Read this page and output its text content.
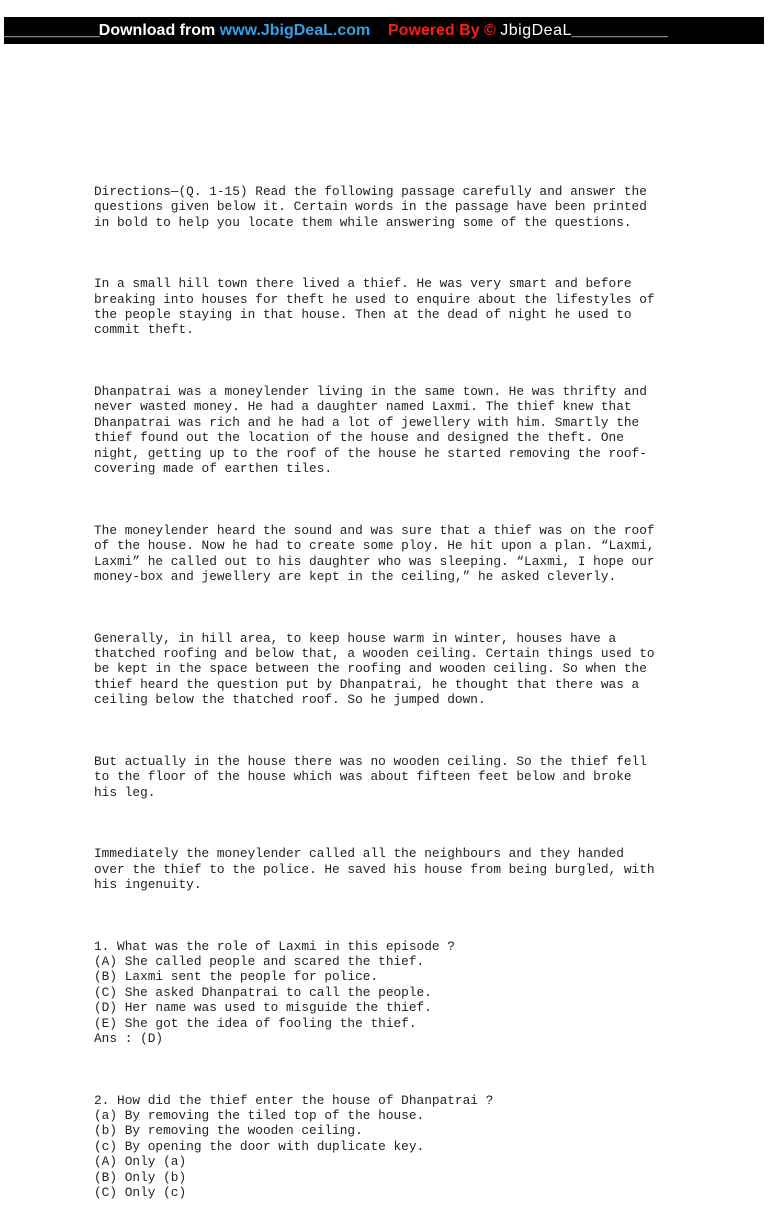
____________Download from www.JbigDeaL.com Powered By © JbigDeaL____________

Directions—(Q. 1-15) Read the following passage carefully and answer the
questions given below it. Certain words in the passage have been printed
in bold to help you locate them while answering some of the questions.

In a small hill town there lived a thief. He was very smart and before
breaking into houses for theft he used to enquire about the lifestyles of
the people staying in that house. Then at the dead of night he used to
commit theft.

Dhanpatrai was a moneylender living in the same town. He was thrifty and
never wasted money. He had a daughter named Laxmi. The thief knew that
Dhanpatrai was rich and he had a lot of jewellery with him. Smartly the
thief found out the location of the house and designed the theft. One
night, getting up to the roof of the house he started removing the roof-
covering made of earthen tiles.

The moneylender heard the sound and was sure that a thief was on the roof
of the house. Now he had to create some ploy. He hit upon a plan. “Laxmi,
Laxmi” he called out to his daughter who was sleeping. “Laxmi, I hope our
money-box and jewellery are kept in the ceiling,” he asked cleverly.

Generally, in hill area, to keep house warm in winter, houses have a
thatched roofing and below that, a wooden ceiling. Certain things used to
be kept in the space between the roofing and wooden ceiling. So when the
thief heard the question put by Dhanpatrai, he thought that there was a
ceiling below the thatched roof. So he jumped down.

But actually in the house there was no wooden ceiling. So the thief fell
to the floor of the house which was about fifteen feet below and broke
his leg.

Immediately the moneylender called all the neighbours and they handed
over the thief to the police. He saved his house from being burgled, with
his ingenuity.

1. What was the role of Laxmi in this episode ?
(A) She called people and scared the thief.
(B) Laxmi sent the people for police.
(C) She asked Dhanpatrai to call the people.
(D) Her name was used to misguide the thief.
(E) She got the idea of fooling the thief.
Ans : (D)

2. How did the thief enter the house of Dhanpatrai ?
(a) By removing the tiled top of the house.
(b) By removing the wooden ceiling.
(c) By opening the door with duplicate key.
(A) Only (a)
(B) Only (b)
(C) Only (c)
